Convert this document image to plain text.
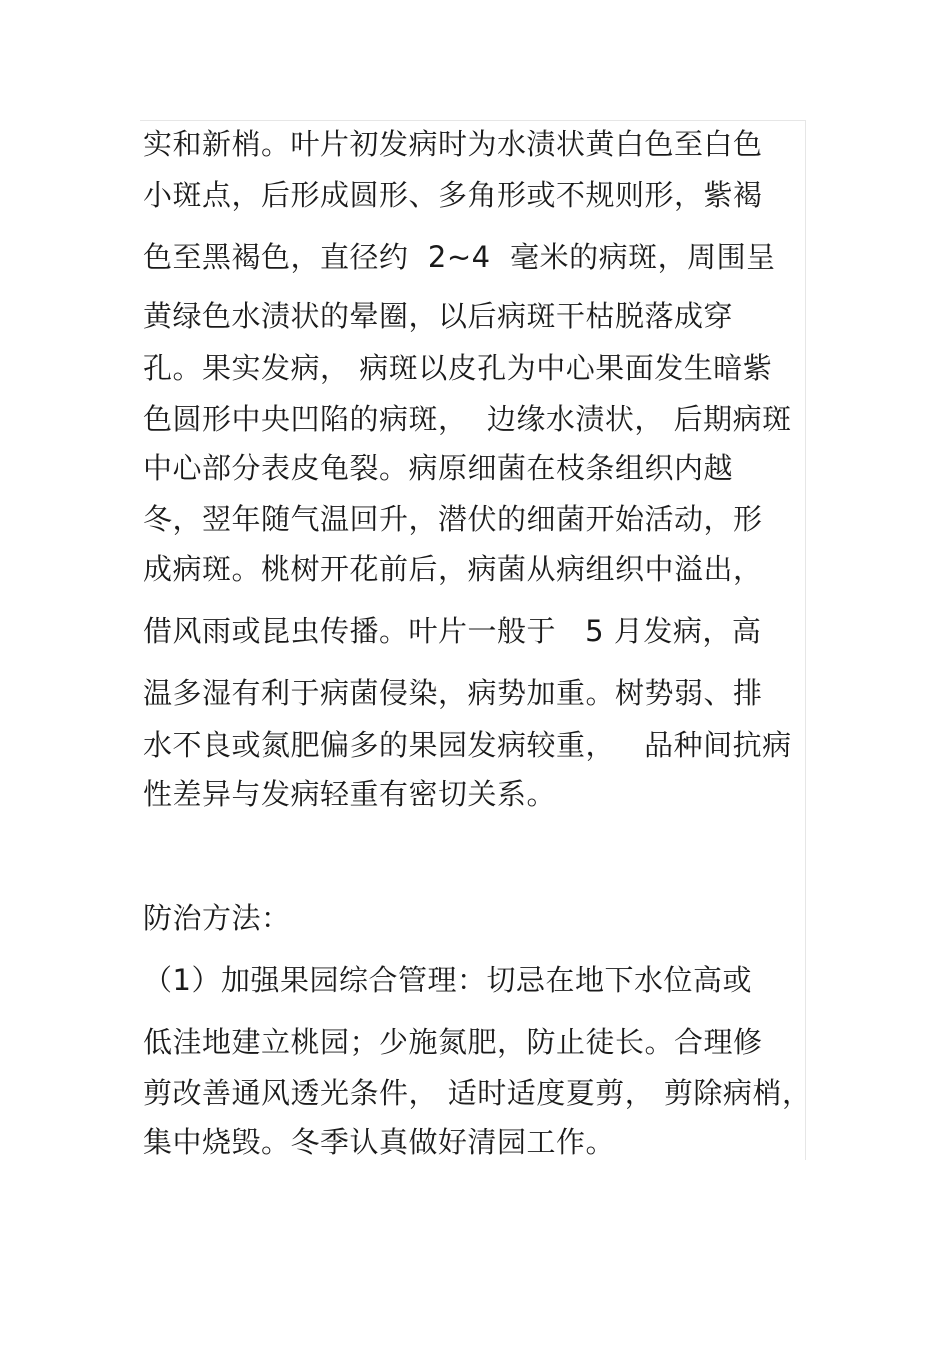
实和新梢。叶片初发病时为水渍状黄白色至白色
小斑点，后形成圆形、多角形或不规则形，紫褐
色至黑褐色，直径约  2~4  毫米的病斑，周围呈
黄绿色水渍状的晕圈，以后病斑干枯脱落成穿
孔。果实发病， 病斑以皮孔为中心果面发生暗紫
色圆形中央凹陷的病斑，  边缘水渍状， 后期病斑
中心部分表皮龟裂。病原细菌在枝条组织内越
冬，翌年随气温回升，潜伏的细菌开始活动，形
成病斑。桃树开花前后，病菌从病组织中溢出，
借风雨或昆虫传播。叶片一般于   5 月发病，高
温多湿有利于病菌侵染，病势加重。树势弱、排
水不良或氮肥偏多的果园发病较重，   品种间抗病
性差异与发病轻重有密切关系。
防治方法：
（1）加强果园综合管理：切忌在地下水位高或
低洼地建立桃园；少施氮肥，防止徒长。合理修
剪改善通风透光条件， 适时适度夏剪， 剪除病梢，
集中烧毁。冬季认真做好清园工作。
